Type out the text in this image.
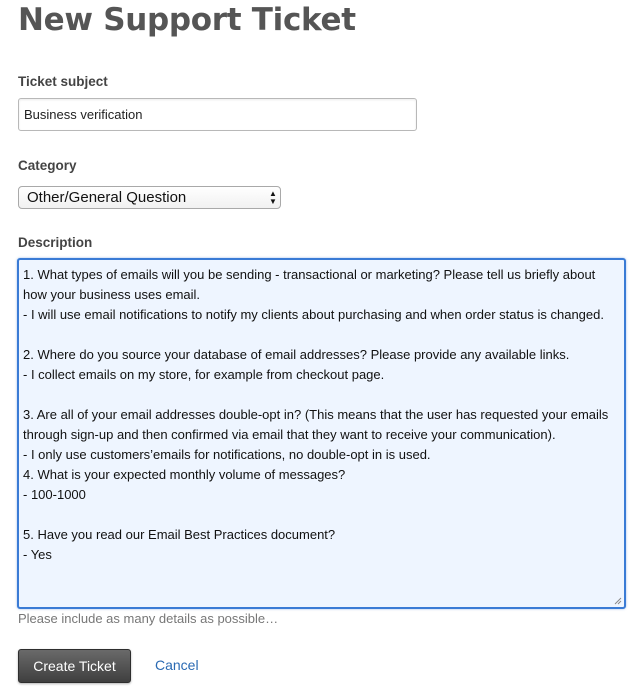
New Support Ticket
Ticket subject
Business verification
Category
Other/General Question	▲
▼
Description
1. What types of emails will you be sending - transactional or marketing? Please tell us briefly about
how your business uses email.
- I will use email notifications to notify my clients about purchasing and when order status is changed.
2. Where do you source your database of email addresses? Please provide any available links.
- I collect emails on my store, for example from checkout page.
3. Are all of your email addresses double-opt in? (This means that the user has requested your emails
through sign-up and then confirmed via email that they want to receive your communication).
- I only use customers’emails for notifications, no double-opt in is used.
4. What is your expected monthly volume of messages?
- 100-1000
5. Have you read our Email Best Practices document?
- Yes
Please include as many details as possible…
Create Ticket	Cancel
